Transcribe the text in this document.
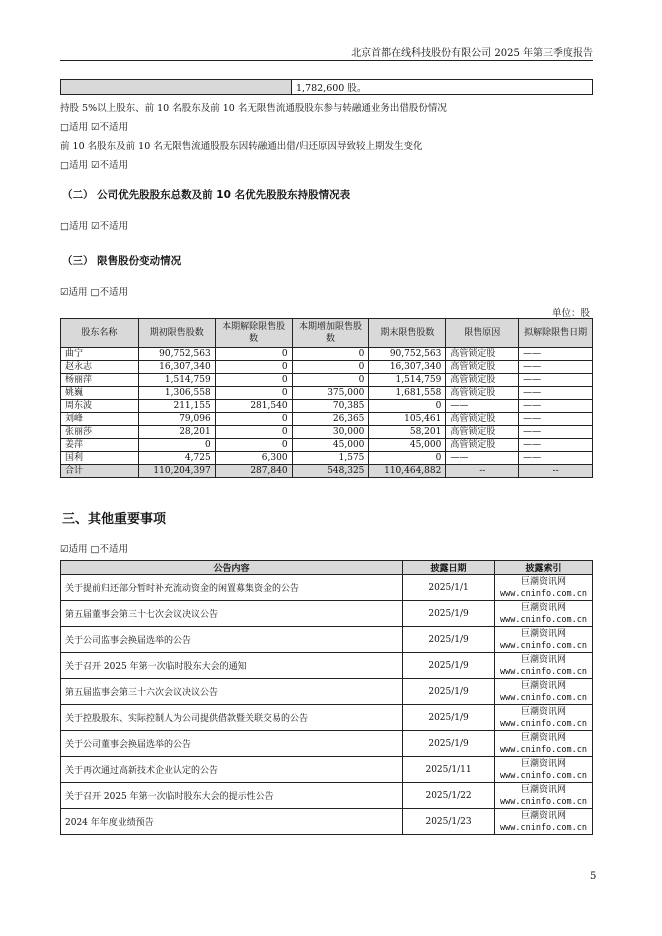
北京首都在线科技股份有限公司 2025 年第三季度报告
	1,782,600 股。
持股 5%以上股东、前 10 名股东及前 10 名无限售流通股股东参与转融通业务出借股份情况
□适用 ☑不适用
前 10 名股东及前 10 名无限售流通股股东因转融通出借/归还原因导致较上期发生变化
□适用 ☑不适用
（二） 公司优先股股东总数及前 10 名优先股股东持股情况表
□适用 ☑不适用
（三） 限售股份变动情况
☑适用 □不适用
单位：股
股东名称	期初限售股数	本期解除限售股数	本期增加限售股数	期末限售股数	限售原因	拟解除限售日期
曲宁	90,752,563	0	0	90,752,563	高管锁定股	——
赵永志	16,307,340	0	0	16,307,340	高管锁定股	——
杨丽萍	1,514,759	0	0	1,514,759	高管锁定股	——
姚巍	1,306,558	0	375,000	1,681,558	高管锁定股	——
周东波	211,155	281,540	70,385	0	——	——
刘峰	79,096	0	26,365	105,461	高管锁定股	——
张丽莎	28,201	0	30,000	58,201	高管锁定股	——
姜萍	0	0	45,000	45,000	高管锁定股	——
国利	4,725	6,300	1,575	0	——	——
合计	110,204,397	287,840	548,325	110,464,882	--	--
三、其他重要事项
☑适用 □不适用
公告内容	披露日期	披露索引
关于提前归还部分暂时补充流动资金的闲置募集资金的公告	2025/1/1	巨潮资讯网
www.cninfo.com.cn

第五届董事会第三十七次会议决议公告	2025/1/9	巨潮资讯网
www.cninfo.com.cn

关于公司监事会换届选举的公告	2025/1/9	巨潮资讯网
www.cninfo.com.cn

关于召开 2025 年第一次临时股东大会的通知	2025/1/9	巨潮资讯网
www.cninfo.com.cn

第五届监事会第三十六次会议决议公告	2025/1/9	巨潮资讯网
www.cninfo.com.cn

关于控股股东、实际控制人为公司提供借款暨关联交易的公告	2025/1/9	巨潮资讯网
www.cninfo.com.cn

关于公司董事会换届选举的公告	2025/1/9	巨潮资讯网
www.cninfo.com.cn

关于再次通过高新技术企业认定的公告	2025/1/11	巨潮资讯网
www.cninfo.com.cn

关于召开 2025 年第一次临时股东大会的提示性公告	2025/1/22	巨潮资讯网
www.cninfo.com.cn

2024 年年度业绩预告	2025/1/23	巨潮资讯网
www.cninfo.com.cn
5
